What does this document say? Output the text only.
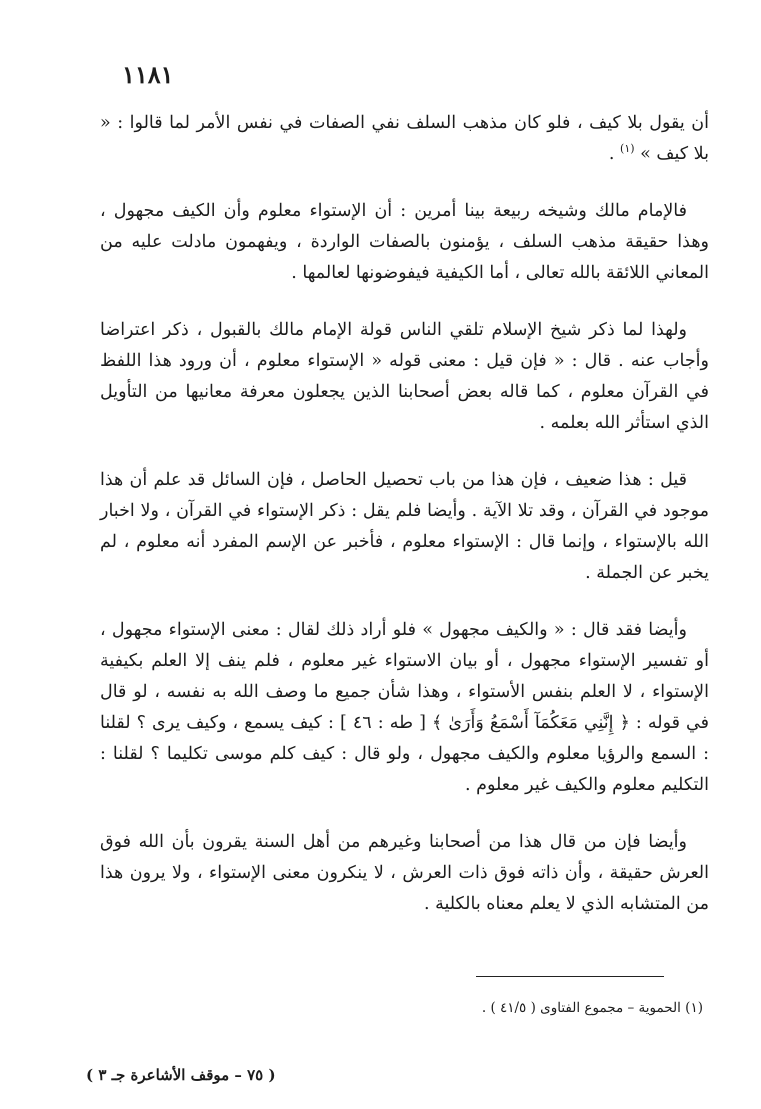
١١٨١

أن يقول بلا كيف ، فلو كان مذهب السلف نفي الصفات في نفس الأمر لما قالوا : « بلا كيف » $^{(١)}$ .

فالإمام مالك وشيخه ربيعة بينا أمرين : أن الإستواء معلوم وأن الكيف مجهول ، وهذا حقيقة مذهب السلف ، يؤمنون بالصفات الواردة ، ويفهمون مادلت عليه من المعاني اللائقة بالله تعالى ، أما الكيفية فيفوضونها لعالمها .

ولهذا لما ذكر شيخ الإسلام تلقي الناس قولة الإمام مالك بالقبول ، ذكر اعتراضا وأجاب عنه . قال : « فإن قيل : معنى قوله « الإستواء معلوم ، أن ورود هذا اللفظ في القرآن معلوم ، كما قاله بعض أصحابنا الذين يجعلون معرفة معانيها من التأويل الذي استأثر الله بعلمه .

قيل : هذا ضعيف ، فإن هذا من باب تحصيل الحاصل ، فإن السائل قد علم أن هذا موجود في القرآن ، وقد تلا الآية . وأيضا فلم يقل : ذكر الإستواء في القرآن ، ولا اخبار الله بالإستواء ، وإنما قال : الإستواء معلوم ، فأخبر عن الإسم المفرد أنه معلوم ، لم يخبر عن الجملة .

وأيضا فقد قال : « والكيف مجهول » فلو أراد ذلك لقال : معنى الإستواء مجهول ، أو تفسير الإستواء مجهول ، أو بيان الاستواء غير معلوم ، فلم ينف إلا العلم بكيفية الإستواء ، لا العلم بنفس الأستواء ، وهذا شأن جميع ما وصف الله به نفسه ، لو قال في قوله : ﴿ إِنَّنِي مَعَكُمَآ أَسْمَعُ وَأَرَىٰ ﴾ [ طه : ٤٦ ] : كيف يسمع ، وكيف يرى ؟ لقلنا : السمع والرؤيا معلوم والكيف مجهول ، ولو قال : كيف كلم موسى تكليما ؟ لقلنا : التكليم معلوم والكيف غير معلوم .

وأيضا فإن من قال هذا من أصحابنا وغيرهم من أهل السنة يقرون بأن الله فوق العرش حقيقة ، وأن ذاته فوق ذات العرش ، لا ينكرون معنى الإستواء ، ولا يرون هذا من المتشابه الذي لا يعلم معناه بالكلية .

(١) الحموية – مجموع الفتاوى ( ٤١/٥ ) .
( ٧٥ – موقف الأشاعرة جـ ٣ )
